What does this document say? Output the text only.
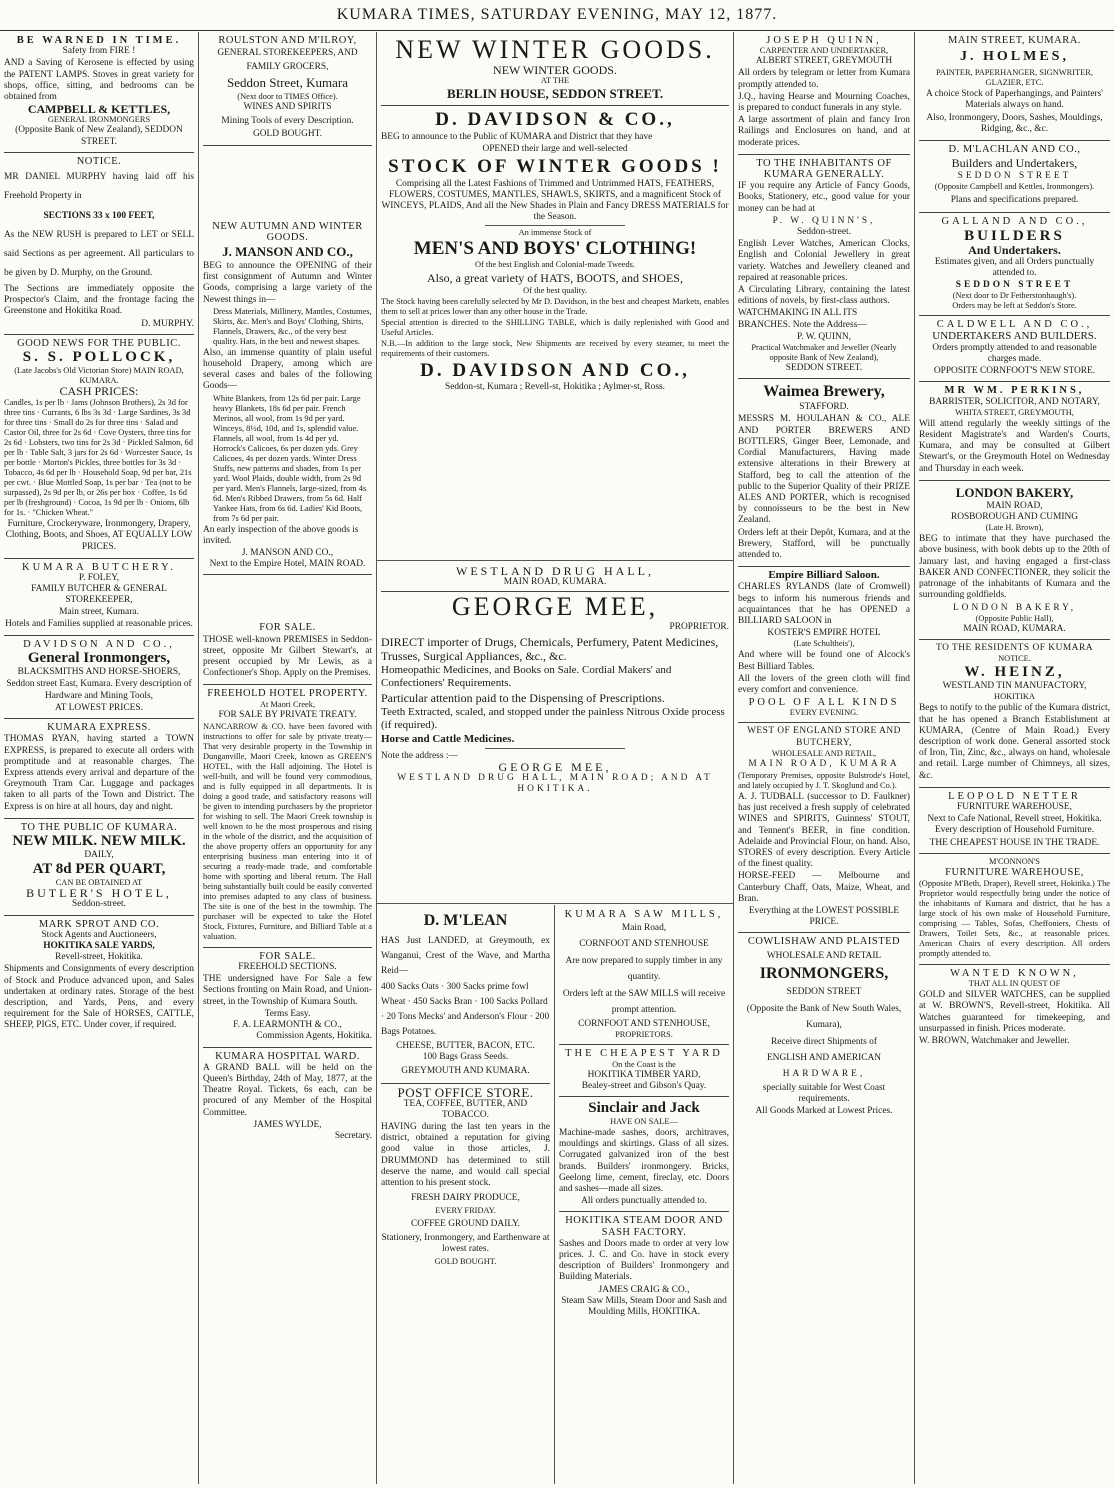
KUMARA TIMES, SATURDAY EVENING, MAY 12, 1877.
BE WARNED IN TIME.
Safety from FIRE !

AND a Saving of Kerosene is effected by using the PATENT LAMPS. Stoves in great variety for shops, office, sitting, and bedrooms can be obtained from

CAMPBELL & KETTLES,
GENERAL IRONMONGERS
(Opposite Bank of New Zealand), SEDDON STREET.
NOTICE.

MR DANIEL MURPHY having laid off his Freehold Property in

SECTIONS 33 x 100 FEET,

As the NEW RUSH is prepared to LET or SELL said Sections as per agreement. All particulars to be given by D. Murphy, on the Ground.

The Sections are immediately opposite the Prospector's Claim, and the frontage facing the Greenstone and Hokitika Road.

D. MURPHY.
GOOD NEWS FOR THE PUBLIC.
S. S. POLLOCK,
(Late Jacobs's Old Victorian Store) MAIN ROAD, KUMARA.
CASH PRICES:

Candles, 1s per lb · Jams (Johnson Brothers), 2s 3d for three tins · Currants, 6 lbs 3s 3d · Large Sardines, 3s 3d for three tins · Small do 2s for three tins · Salad and Castor Oil, three for 2s 6d · Cove Oysters, three tins for 2s 6d · Lobsters, two tins for 2s 3d · Pickled Salmon, 6d per lb · Table Salt, 3 jars for 2s 6d · Worcester Sauce, 1s per bottle · Morton's Pickles, three bottles for 3s 3d · Tobacco, 4s 6d per lb · Household Soap, 9d per bar, 21s per cwt. · Blue Mottled Soap, 1s per bar · Tea (not to be surpassed), 2s 9d per lb, or 26s per box · Coffee, 1s 6d per lb (freshground) · Cocoa, 1s 9d per lb · Onions, 6lb for 1s. · "Chicken Wheat."

Furniture, Crockeryware, Ironmongery, Drapery, Clothing, Boots, and Shoes, AT EQUALLY LOW PRICES.

KUMARA BUTCHERY.
P. FOLEY,
FAMILY BUTCHER & GENERAL STOREKEEPER,
Main street, Kumara.

Hotels and Families supplied at reasonable prices.

DAVIDSON AND CO.,
General Ironmongers,
BLACKSMITHS AND HORSE-SHOERS,

Seddon street East, Kumara. Every description of Hardware and Mining Tools,

AT LOWEST PRICES.
KUMARA EXPRESS.

THOMAS RYAN, having started a TOWN EXPRESS, is prepared to execute all orders with promptitude and at reasonable charges. The Express attends every arrival and departure of the Greymouth Tram Car. Luggage and packages taken to all parts of the Town and District. The Express is on hire at all hours, day and night.

TO THE PUBLIC OF KUMARA.
NEW MILK. NEW MILK.
DAILY,
AT 8d PER QUART,
CAN BE OBTAINED AT
BUTLER'S HOTEL,
Seddon-street.
MARK SPROT AND CO.
Stock Agents and Auctioneers,
HOKITIKA SALE YARDS,
Revell-street, Hokitika.

Shipments and Consignments of every description of Stock and Produce advanced upon, and Sales undertaken at ordinary rates. Storage of the best description, and Yards, Pens, and every requirement for the Sale of HORSES, CATTLE, SHEEP, PIGS, ETC. Under cover, if required.

ROULSTON AND M'ILROY,
GENERAL STOREKEEPERS, AND FAMILY GROCERS,
Seddon Street, Kumara
(Next door to TIMES Office).
WINES AND SPIRITS
Mining Tools of every Description.
GOLD BOUGHT.
NEW AUTUMN AND WINTER GOODS.
J. MANSON AND CO.,

BEG to announce the OPENING of their first consignment of Autumn and Winter Goods, comprising a large variety of the Newest things in—

Dress Materials, Millinery, Mantles, Costumes, Skirts, &c. Men's and Boys' Clothing, Shirts, Flannels, Drawers, &c., of the very best quality. Hats, in the best and newest shapes.

Also, an immense quantity of plain useful household Drapery, among which are several cases and bales of the following Goods—

White Blankets, from 12s 6d per pair. Large heavy Blankets, 18s 6d per pair. French Merinos, all wool, from 1s 9d per yard. Winceys, 8½d, 10d, and 1s, splendid value. Flannels, all wool, from 1s 4d per yd. Horrock's Calicoes, 6s per dozen yds. Grey Calicoes, 4s per dozen yards. Winter Dress Stuffs, new patterns and shades, from 1s per yard. Wool Plaids, double width, from 2s 9d per yard. Men's Flannels, large-sized, from 4s 6d. Men's Ribbed Drawers, from 5s 6d. Half Yankee Hats, from 6s 6d. Ladies' Kid Boots, from 7s 6d per pair.

An early inspection of the above goods is invited.

J. MANSON AND CO.,
Next to the Empire Hotel, MAIN ROAD.
FOR SALE.

THOSE well-known PREMISES in Seddon-street, opposite Mr Gilbert Stewart's, at present occupied by Mr Lewis, as a Confectioner's Shop. Apply on the Premises.

FREEHOLD HOTEL PROPERTY.
At Maori Creek,
FOR SALE BY PRIVATE TREATY.

NANCARROW & CO. have been favored with instructions to offer for sale by private treaty— That very desirable property in the Township in Dunganville, Maori Creek, known as GREEN'S HOTEL, with the Hall adjoining. The Hotel is well-built, and will be found very commodious, and is fully equipped in all departments. It is doing a good trade, and satisfactory reasons will be given to intending purchasers by the proprietor for wishing to sell. The Maori Creek township is well known to be the most prosperous and rising in the whole of the district, and the acquisition of the above property offers an opportunity for any enterprising business man entering into it of securing a ready-made trade, and comfortable home with sporting and liberal return. The Hall being substantially built could be easily converted into premises adapted to any class of business. The site is one of the best in the township. The purchaser will be expected to take the Hotel Stock, Fixtures, Furniture, and Billiard Table at a valuation.

FOR SALE.
FREEHOLD SECTIONS.

THE undersigned have For Sale a few Sections fronting on Main Road, and Union-street, in the Township of Kumara South.

Terms Easy.
F. A. LEARMONTH & CO.,
Commission Agents, Hokitika.
KUMARA HOSPITAL WARD.

A GRAND BALL will be held on the Queen's Birthday, 24th of May, 1877, at the Theatre Royal. Tickets, 6s each, can be procured of any Member of the Hospital Committee.

JAMES WYLDE,
Secretary.
NEW WINTER GOODS.
NEW WINTER GOODS.
AT THE
BERLIN HOUSE, SEDDON STREET.
D. DAVIDSON & CO.,

BEG to announce to the Public of KUMARA and District that they have

OPENED their large and well-selected
STOCK OF WINTER GOODS !

Comprising all the Latest Fashions of Trimmed and Untrimmed HATS, FEATHERS, FLOWERS, COSTUMES, MANTLES, SHAWLS, SKIRTS, and a magnificent Stock of WINCEYS, PLAIDS, And all the New Shades in Plain and Fancy DRESS MATERIALS for the Season.

An immense Stock of
MEN'S AND BOYS' CLOTHING!
Of the best English and Colonial-made Tweeds.
Also, a great variety of HATS, BOOTS, and SHOES,
Of the best quality.

The Stock having been carefully selected by Mr D. Davidson, in the best and cheapest Markets, enables them to sell at prices lower than any other house in the Trade.

Special attention is directed to the SHILLING TABLE, which is daily replenished with Good and Useful Articles.

N.B.—In addition to the large stock, New Shipments are received by every steamer, to meet the requirements of their customers.

D. DAVIDSON AND CO.,
Seddon-st, Kumara ; Revell-st, Hokitika ; Aylmer-st, Ross.
WESTLAND DRUG HALL,
MAIN ROAD, KUMARA.
GEORGE MEE,
PROPRIETOR.

DIRECT importer of Drugs, Chemicals, Perfumery, Patent Medicines, Trusses, Surgical Appliances, &c., &c.

Homeopathic Medicines, and Books on Sale. Cordial Makers' and Confectioners' Requirements.

Particular attention paid to the Dispensing of Prescriptions.

Teeth Extracted, scaled, and stopped under the painless Nitrous Oxide process (if required).

Horse and Cattle Medicines.

Note the address :—
GEORGE MEE,
WESTLAND DRUG HALL, MAIN ROAD; AND AT HOKITIKA.
D. M'LEAN

HAS Just LANDED, at Greymouth, ex Wanganui, Crest of the Wave, and Martha Reid—

400 Sacks Oats · 300 Sacks prime fowl Wheat · 450 Sacks Bran · 100 Sacks Pollard · 20 Tons Mecks' and Anderson's Flour · 200 Bags Potatoes.

CHEESE, BUTTER, BACON, ETC.
100 Bags Grass Seeds.
GREYMOUTH AND KUMARA.
POST OFFICE STORE.
TEA, COFFEE, BUTTER, AND TOBACCO.

HAVING during the last ten years in the district, obtained a reputation for giving good value in those articles, J. DRUMMOND has determined to still deserve the name, and would call special attention to his present stock.

FRESH DAIRY PRODUCE,
EVERY FRIDAY.
COFFEE GROUND DAILY.

Stationery, Ironmongery, and Earthenware at lowest rates.

GOLD BOUGHT.
KUMARA SAW MILLS,
Main Road,
CORNFOOT AND STENHOUSE

Are now prepared to supply timber in any quantity.

Orders left at the SAW MILLS will receive prompt attention.

CORNFOOT AND STENHOUSE,
PROPRIETORS.
THE CHEAPEST YARD
On the Coast is the
HOKITIKA TIMBER YARD,
Bealey-street and Gibson's Quay.
Sinclair and Jack
HAVE ON SALE—

Machine-made sashes, doors, architraves, mouldings and skirtings. Glass of all sizes. Corrugated galvanized iron of the best brands. Builders' ironmongery. Bricks, Geelong lime, cement, fireclay, etc. Doors and sashes—made all sizes.

All orders punctually attended to.
HOKITIKA STEAM DOOR AND SASH FACTORY.

Sashes and Doors made to order at very low prices. J. C. and Co. have in stock every description of Builders' Ironmongery and Building Materials.

JAMES CRAIG & CO.,
Steam Saw Mills, Steam Door and Sash and Moulding Mills, HOKITIKA.
JOSEPH QUINN,
CARPENTER AND UNDERTAKER,
ALBERT STREET, GREYMOUTH

All orders by telegram or letter from Kumara promptly attended to.

J.Q., having Hearse and Mourning Coaches, is prepared to conduct funerals in any style.

A large assortment of plain and fancy Iron Railings and Enclosures on hand, and at moderate prices.

TO THE INHABITANTS OF KUMARA GENERALLY.

IF you require any Article of Fancy Goods, Books, Stationery, etc., good value for your money can be had at

P. W. QUINN'S,
Seddon-street.

English Lever Watches, American Clocks, English and Colonial Jewellery in great variety. Watches and Jewellery cleaned and repaired at reasonable prices.

A Circulating Library, containing the latest editions of novels, by first-class authors.

WATCHMAKING IN ALL ITS BRANCHES. Note the Address—

P. W. QUINN,
Practical Watchmaker and Jeweller (Nearly opposite Bank of New Zealand),
SEDDON STREET.
Waimea Brewery,
STAFFORD.

MESSRS M. HOULAHAN & CO., ALE AND PORTER BREWERS AND BOTTLERS, Ginger Beer, Lemonade, and Cordial Manufacturers, Having made extensive alterations in their Brewery at Stafford, beg to call the attention of the public to the Superior Quality of their PRIZE ALES AND PORTER, which is recognised by connoisseurs to be the best in New Zealand.

Orders left at their Depôt, Kumara, and at the Brewery, Stafford, will be punctually attended to.

Empire Billiard Saloon.

CHARLES RYLANDS (late of Cromwell) begs to inform his numerous friends and acquaintances that he has OPENED a BILLIARD SALOON in

KOSTER'S EMPIRE HOTEL
(Late Schultheis'),

And where will be found one of Alcock's Best Billiard Tables.

All the lovers of the green cloth will find every comfort and convenience.

POOL OF ALL KINDS
EVERY EVENING.
WEST OF ENGLAND STORE AND BUTCHERY,
WHOLESALE AND RETAIL,
MAIN ROAD, KUMARA

(Temporary Premises, opposite Bulstrode's Hotel, and lately occupied by J. T. Skoglund and Co.).

A. J. TUDBALL (successor to D. Faulkner) has just received a fresh supply of celebrated WINES and SPIRITS, Guinness' STOUT, and Tennent's BEER, in fine condition. Adelaide and Provincial Flour, on hand. Also, STORES of every description. Every Article of the finest quality.

HORSE-FEED — Melbourne and Canterbury Chaff, Oats, Maize, Wheat, and Bran.

Everything at the LOWEST POSSIBLE PRICE.
COWLISHAW AND PLAISTED
WHOLESALE AND RETAIL
IRONMONGERS,
SEDDON STREET

(Opposite the Bank of New South Wales, Kumara),

Receive direct Shipments of
ENGLISH AND AMERICAN
HARDWARE,

specially suitable for West Coast requirements.

All Goods Marked at Lowest Prices.
MAIN STREET, KUMARA.
J. HOLMES,
PAINTER, PAPERHANGER, SIGNWRITER, GLAZIER, ETC.

A choice Stock of Paperhangings, and Painters' Materials always on hand.

Also, Ironmongery, Doors, Sashes, Mouldings, Ridging, &c., &c.

D. M'LACHLAN AND CO.,
Builders and Undertakers,
SEDDON STREET
(Opposite Campbell and Kettles, Ironmongers).
Plans and specifications prepared.
GALLAND AND CO.,
BUILDERS
And Undertakers.

Estimates given, and all Orders punctually attended to.

SEDDON STREET
(Next door to Dr Fetherstonhaugh's).
Orders may be left at Seddon's Store.
CALDWELL AND CO.,
UNDERTAKERS AND BUILDERS.

Orders promptly attended to and reasonable charges made.

OPPOSITE CORNFOOT'S NEW STORE.
MR WM. PERKINS,
BARRISTER, SOLICITOR, AND NOTARY,
WHITA STREET, GREYMOUTH,

Will attend regularly the weekly sittings of the Resident Magistrate's and Warden's Courts, Kumara, and may be consulted at Gilbert Stewart's, or the Greymouth Hotel on Wednesday and Thursday in each week.

LONDON BAKERY,
MAIN ROAD,
ROSBOROUGH AND CUMING
(Late H. Brown),

BEG to intimate that they have purchased the above business, with book debts up to the 20th of January last, and having engaged a first-class BAKER AND CONFECTIONER, they solicit the patronage of the inhabitants of Kumara and the surrounding goldfields.

LONDON BAKERY,
(Opposite Public Hall),
MAIN ROAD, KUMARA.
TO THE RESIDENTS OF KUMARA
NOTICE.
W. HEINZ,
WESTLAND TIN MANUFACTORY,
HOKITIKA

Begs to notify to the public of the Kumara district, that he has opened a Branch Establishment at KUMARA, (Centre of Main Road.) Every description of work done. General assorted stock of Iron, Tin, Zinc, &c., always on hand, wholesale and retail. Large number of Chimneys, all sizes, &c.

LEOPOLD NETTER
FURNITURE WAREHOUSE,

Next to Cafe National, Revell street, Hokitika. Every description of Household Furniture.

THE CHEAPEST HOUSE IN THE TRADE.
M'CONNON'S
FURNITURE WAREHOUSE,

(Opposite M'Beth, Draper), Revell street, Hokitika.) The Proprietor would respectfully bring under the notice of the inhabitants of Kumara and district, that he has a large stock of his own make of Household Furniture, comprising — Tables, Sofas, Cheffoniers, Chests of Drawers, Toilet Sets, &c., at reasonable prices. American Chairs of every description. All orders promptly attended to.

WANTED KNOWN,
THAT ALL IN QUEST OF

GOLD and SILVER WATCHES, can be supplied at W. BROWN'S, Revell-street, Hokitika. All Watches guaranteed for timekeeping, and unsurpassed in finish. Prices moderate.

W. BROWN, Watchmaker and Jeweller.
